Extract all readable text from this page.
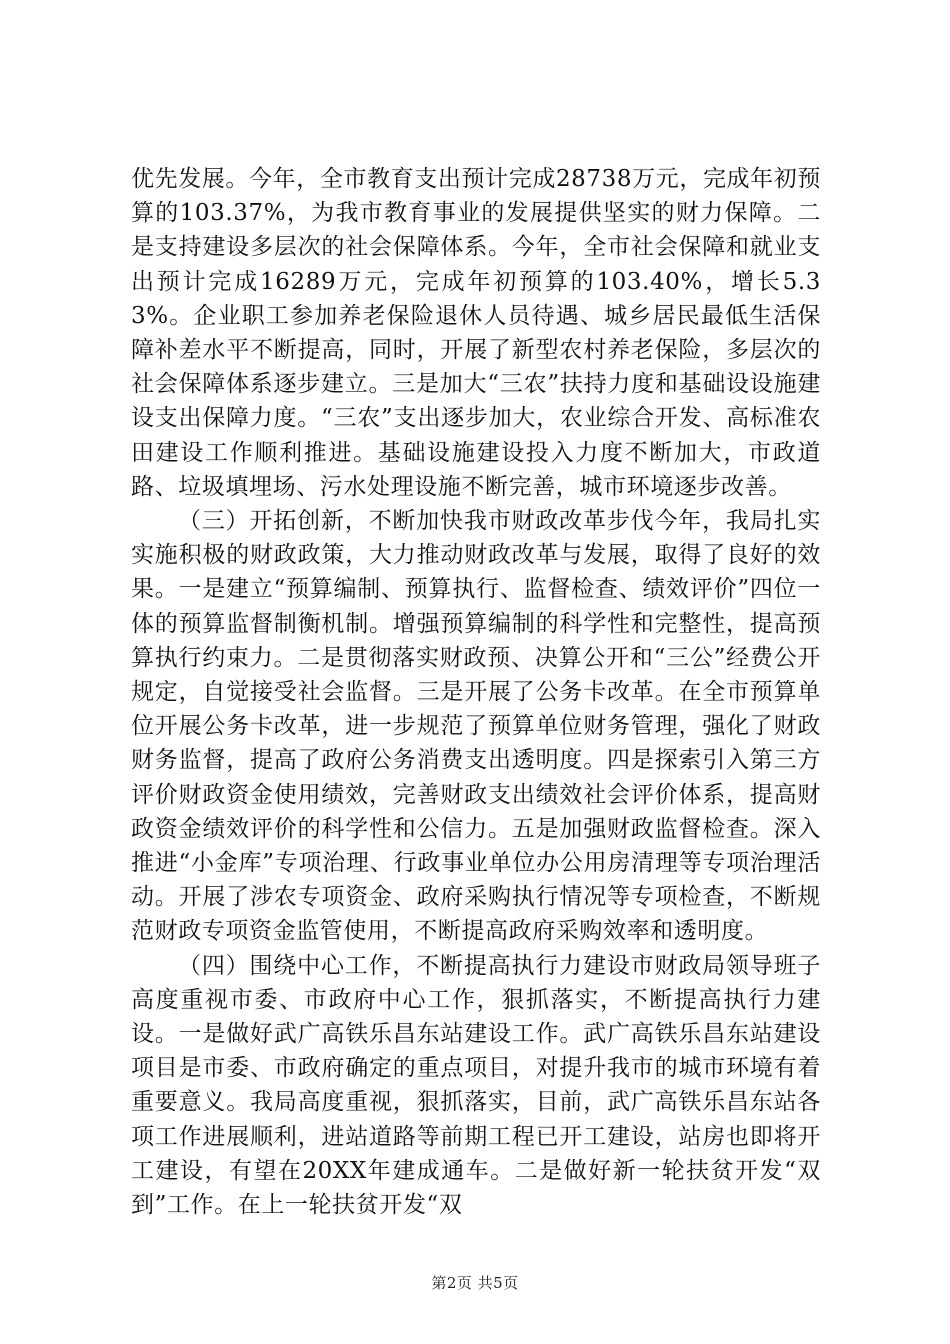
优先发展。今年，全市教育支出预计完成28738万元，完成年初预算的103.37%，为我市教育事业的发展提供坚实的财力保障。二是支持建设多层次的社会保障体系。今年，全市社会保障和就业支出预计完成16289万元，完成年初预算的103.40%，增长5.33%。企业职工参加养老保险退休人员待遇、城乡居民最低生活保障补差水平不断提高，同时，开展了新型农村养老保险，多层次的社会保障体系逐步建立。三是加大“三农”扶持力度和基础设设施建设支出保障力度。“三农”支出逐步加大，农业综合开发、高标准农田建设工作顺利推进。基础设施建设投入力度不断加大，市政道路、垃圾填埋场、污水处理设施不断完善，城市环境逐步改善。

（三）开拓创新，不断加快我市财政改革步伐今年，我局扎实实施积极的财政政策，大力推动财政改革与发展，取得了良好的效果。一是建立“预算编制、预算执行、监督检查、绩效评价”四位一体的预算监督制衡机制。增强预算编制的科学性和完整性，提高预算执行约束力。二是贯彻落实财政预、决算公开和“三公”经费公开规定，自觉接受社会监督。三是开展了公务卡改革。在全市预算单位开展公务卡改革，进一步规范了预算单位财务管理，强化了财政财务监督，提高了政府公务消费支出透明度。四是探索引入第三方评价财政资金使用绩效，完善财政支出绩效社会评价体系，提高财政资金绩效评价的科学性和公信力。五是加强财政监督检查。深入推进“小金库”专项治理、行政事业单位办公用房清理等专项治理活动。开展了涉农专项资金、政府采购执行情况等专项检查，不断规范财政专项资金监管使用，不断提高政府采购效率和透明度。

（四）围绕中心工作，不断提高执行力建设市财政局领导班子高度重视市委、市政府中心工作，狠抓落实，不断提高执行力建设。一是做好武广高铁乐昌东站建设工作。武广高铁乐昌东站建设项目是市委、市政府确定的重点项目，对提升我市的城市环境有着重要意义。我局高度重视，狠抓落实，目前，武广高铁乐昌东站各项工作进展顺利，进站道路等前期工程已开工建设，站房也即将开工建设，有望在20XX年建成通车。二是做好新一轮扶贫开发“双到”工作。在上一轮扶贫开发“双

第2页 共5页
